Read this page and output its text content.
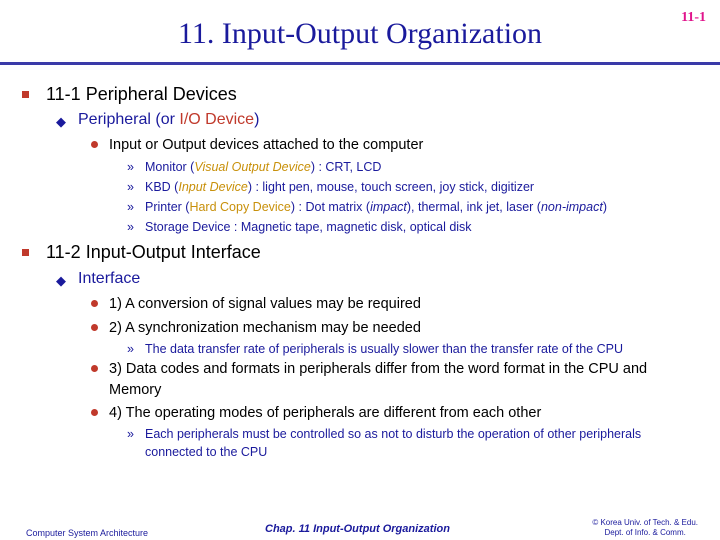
11-1
11. Input-Output Organization
11-1 Peripheral Devices
◆ Peripheral (or I/O Device)
Input or Output devices attached to the computer
» Monitor (Visual Output Device) : CRT, LCD
» KBD (Input Device) : light pen, mouse, touch screen, joy stick, digitizer
» Printer (Hard Copy Device) : Dot matrix (impact), thermal, ink jet, laser (non-impact)
» Storage Device : Magnetic tape, magnetic disk, optical disk
11-2 Input-Output Interface
◆ Interface
1) A conversion of signal values may be required
2) A synchronization mechanism may be needed
» The data transfer rate of peripherals is usually slower than the transfer rate of the CPU
3) Data codes and formats in peripherals differ from the word format in the CPU and Memory
4) The operating modes of peripherals are different from each other
» Each peripherals must be controlled so as not to disturb the operation of other peripherals connected to the CPU
Computer System Architecture	Chap. 11 Input-Output Organization
© Korea Univ. of Tech. & Edu.
Dept. of Info. & Comm.
